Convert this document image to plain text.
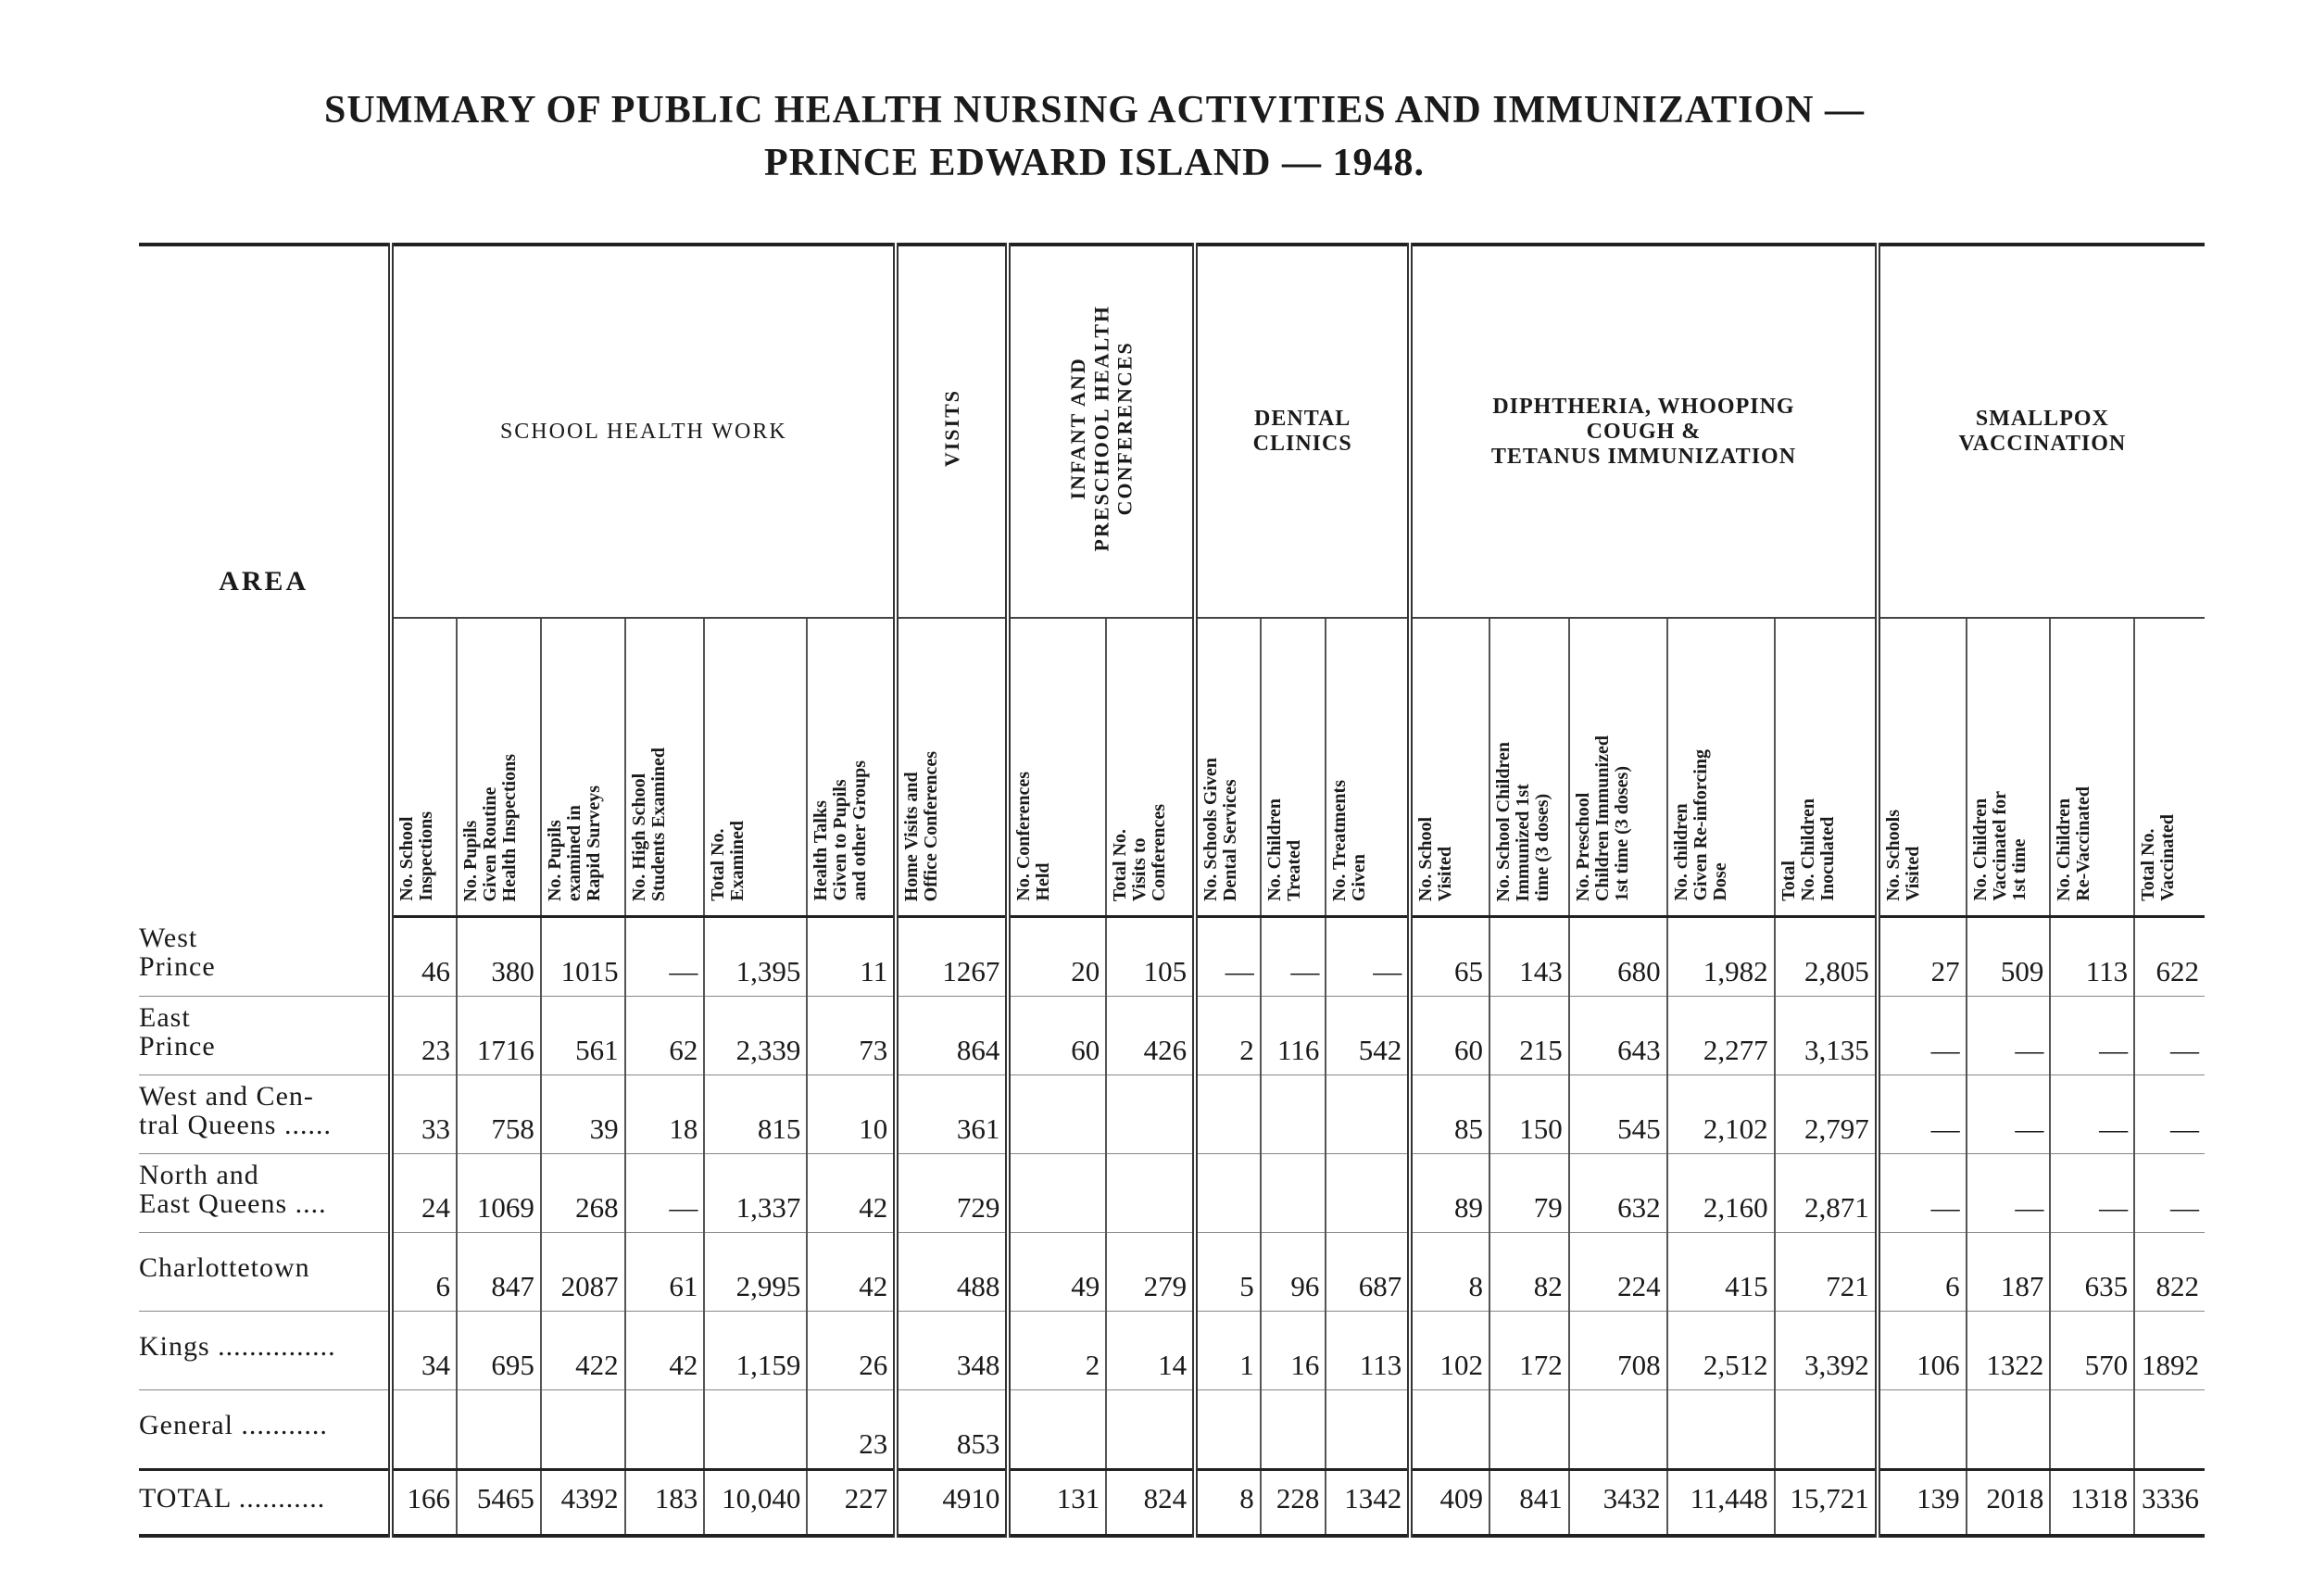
SUMMARY OF PUBLIC HEALTH NURSING ACTIVITIES AND IMMUNIZATION —
PRINCE EDWARD ISLAND — 1948.
AREA	SCHOOL HEALTH WORK						VISITS	INFANT AND
PRESCHOOL HEALTH
CONFERENCES		DENTAL
CLINICS			DIPHTHERIA, WHOOPING
COUGH &
TETANUS IMMUNIZATION					SMALLPOX
VACCINATION			
	No. School
Inspections	No. Pupils
Given Routine
Health Inspections	No. Pupils
examined in
Rapid Surveys	No. High School
Students Examined	Total No.
Examined	Health Talks
Given to Pupils
and other Groups	Home Visits and
Office Conferences	No. Conferences
Held	Total No.
Visits to
Conferences	No. Schools Given
Dental Services	No. Children
Treated	No. Treatments
Given	No. School
Visited	No. School Children
Immunized 1st
time (3 doses)	No. Preschool
Children Immunized
1st time (3 doses)	No. children
Given Re-inforcing
Dose	Total
No. Children
Inoculated	No. Schools
Visited	No. Children
Vaccinatel for
1st time	No. Children
Re-Vaccinated	Total No.
Vaccinated
West
Prince	46	380	1015	—	1,395	11	1267	20	105	—	—	—	65	143	680	1,982	2,805	27	509	113	622
East
Prince	23	1716	561	62	2,339	73	864	60	426	2	116	542	60	215	643	2,277	3,135	—	—	—	—
West and Cen-
tral Queens ......	33	758	39	18	815	10	361						85	150	545	2,102	2,797	—	—	—	—
North and
East Queens ....	24	1069	268	—	1,337	42	729						89	79	632	2,160	2,871	—	—	—	—
Charlottetown	6	847	2087	61	2,995	42	488	49	279	5	96	687	8	82	224	415	721	6	187	635	822
Kings ...............	34	695	422	42	1,159	26	348	2	14	1	16	113	102	172	708	2,512	3,392	106	1322	570	1892
General ...........						23	853														
TOTAL ...........	166	5465	4392	183	10,040	227	4910	131	824	8	228	1342	409	841	3432	11,448	15,721	139	2018	1318	3336
